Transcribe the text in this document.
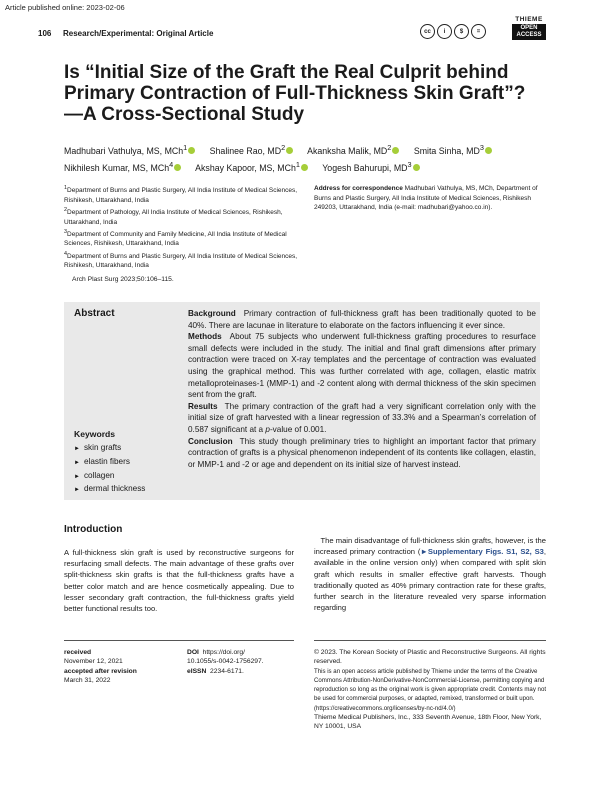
Article published online: 2023-02-06
106 Research/Experimental: Original Article	cc	i	$	=
THIEME
OPEN
ACCESS
Is “Initial Size of the Graft the Real Culprit behind Primary Contraction of Full-Thickness Skin Graft”?—A Cross-Sectional Study
Madhubari Vathulya, MS, MCh$^1$	Shalinee Rao, $MD^2$ Akanksha Malik, $MD^2$	Smita Sinha, $MD^3$
Nikhilesh Kumar, MS, MCh$^4$ Akshay Kapoor, MS, MCh$^1$	Yogesh Bahurupi, $MD^3$
$^1$Department of Burns and Plastic Surgery, All India Institute of Medical Sciences, Rishikesh, Uttarakhand, India
$^2$Department of Pathology, All India Institute of Medical Sciences, Rishikesh, Uttarakhand, India
$^3$Department of Community and Family Medicine, All India Institute of Medical Sciences, Rishikesh, Uttarakhand, India
$^4$Department of Burns and Plastic Surgery, All India Institute of Medical Sciences, Rishikesh, Uttarakhand, India
Address for correspondence Madhubari Vathulya, MS, MCh, Department of Burns and Plastic Surgery, All India Institute of Medical Sciences, Rishikesh 249203, Uttarakhand, India (e-mail: madhubari@yahoo.co.in).
Arch Plast Surg 2023;50:106–115.
Abstract	Background Primary contraction of full-thickness graft has been traditionally quoted to be 40%. There are lacunae in literature to elaborate on the factors influencing it ever since.
Methods About 75 subjects who underwent full-thickness grafting procedures to resurface small defects were included in the study. The initial and final graft dimensions after primary contraction were traced on X-ray templates and the percentage of contraction was evaluated using the graphical method. This was further correlated with age, collagen, elastic matrix metalloproteinases-1 (MMP-1) and -2 content along with dermal thickness of the skin specimen sent from the graft.
Results The primary contraction of the graft had a very significant correlation only with the initial size of graft harvested with a linear regression of 33.3% and a Spearman’s correlation of 0.587 significant at a p-value of 0.001.
Conclusion This study though preliminary tries to highlight an important factor that primary contraction of grafts is a physical phenomenon independent of its contents like collagen, elastin, or MMP-1 and -2 or age and dependent on its initial size of harvest instead.
Keywords
► skin grafts
► elastin fibers
► collagen
► dermal thickness
Introduction
A full-thickness skin graft is used by reconstructive surgeons for resurfacing small defects. The main advantage of these grafts over split-thickness skin grafts is that the full-thickness grafts have a better color match and are hence cosmetically appealing. Due to lesser secondary graft contraction, the full-thickness grafts yield better functional results too.
The main disadvantage of full-thickness skin grafts, however, is the increased primary contraction (►Supplementary Figs. S1, S2, S3, available in the online version only) when compared with split skin graft which results in smaller effective graft harvests. Though traditionally quoted as 40% primary contraction rate for these grafts, further search in the literature revealed very sparse information regarding
received
November 12, 2021
accepted after revision
March 31, 2022
DOI https://doi.org/
10.1055/s-0042-1756297.
eISSN 2234-6171.
© 2023. The Korean Society of Plastic and Reconstructive Surgeons. All rights reserved.
This is an open access article published by Thieme under the terms of the Creative Commons Attribution-NonDerivative-NonCommercial-License, permitting copying and reproduction so long as the original work is given appropriate credit. Contents may not be used for commercial purposes, or adapted, remixed, transformed or built upon. (https://creativecommons.org/licenses/by-nc-nd/4.0/)
Thieme Medical Publishers, Inc., 333 Seventh Avenue, 18th Floor, New York, NY 10001, USA
